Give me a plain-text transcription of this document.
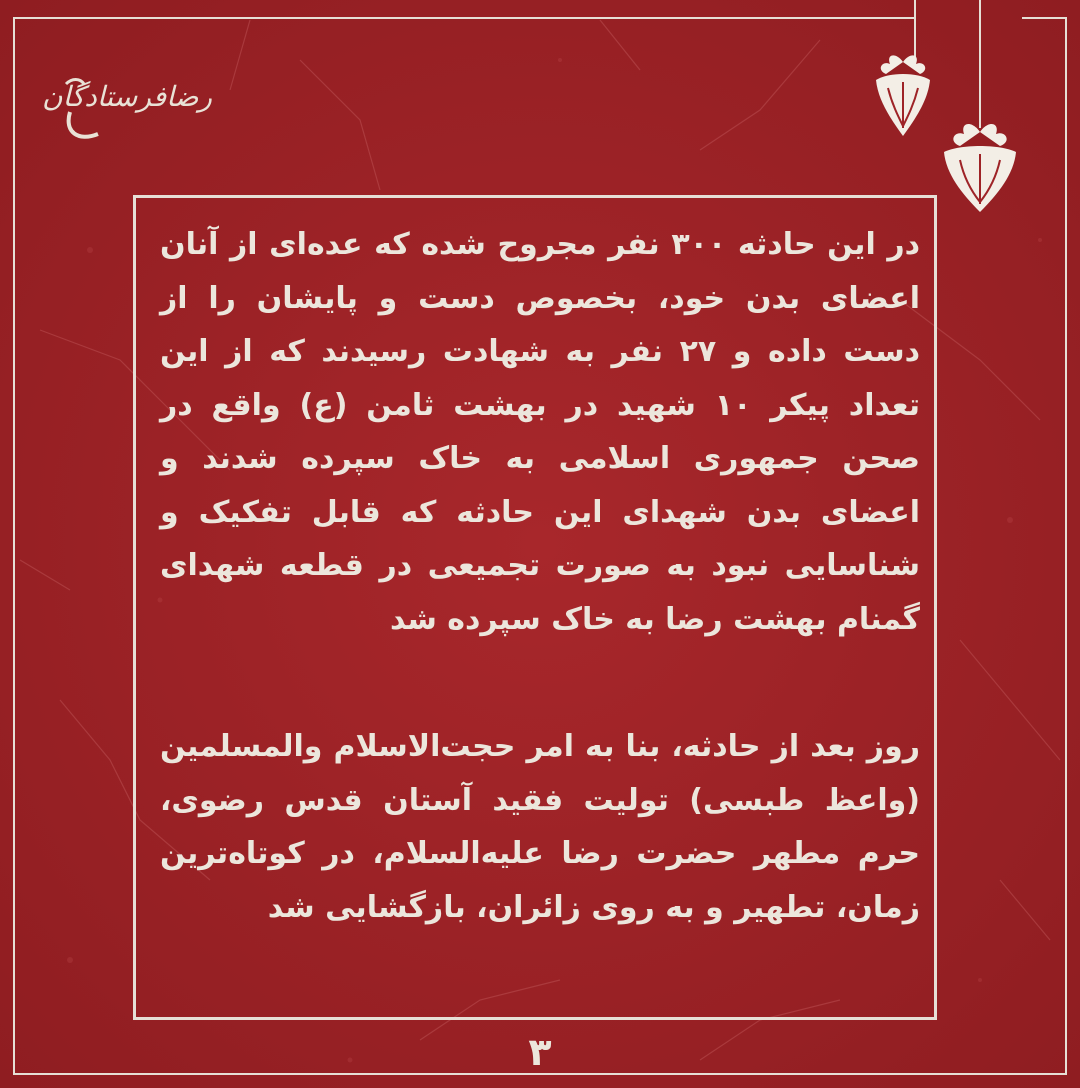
رضافرستادگان
در این حادثه ۳۰۰ نفر مجروح شده که عده‌ای از آنان اعضای بدن خود، بخصوص دست و پایشان را از دست داده و ۲۷ نفر به شهادت رسیدند که از این تعداد پیکر ۱۰ شهید در بهشت ثامن (ع) واقع در صحن جمهوری اسلامی به خاک سپرده شدند و اعضای بدن شهدای این حادثه که قابل تفکیک و شناسایی نبود به صورت تجمیعی در قطعه شهدای گمنام بهشت رضا به خاک سپرده شد
روز بعد از حادثه، بنا به امر حجت‌الاسلام والمسلمین (واعظ طبسی) تولیت فقید آستان قدس رضوی، حرم مطهر حضرت رضا علیه‌السلام، در کوتاه‌ترین زمان، تطهیر و به روی زائران، بازگشایی شد
۳
